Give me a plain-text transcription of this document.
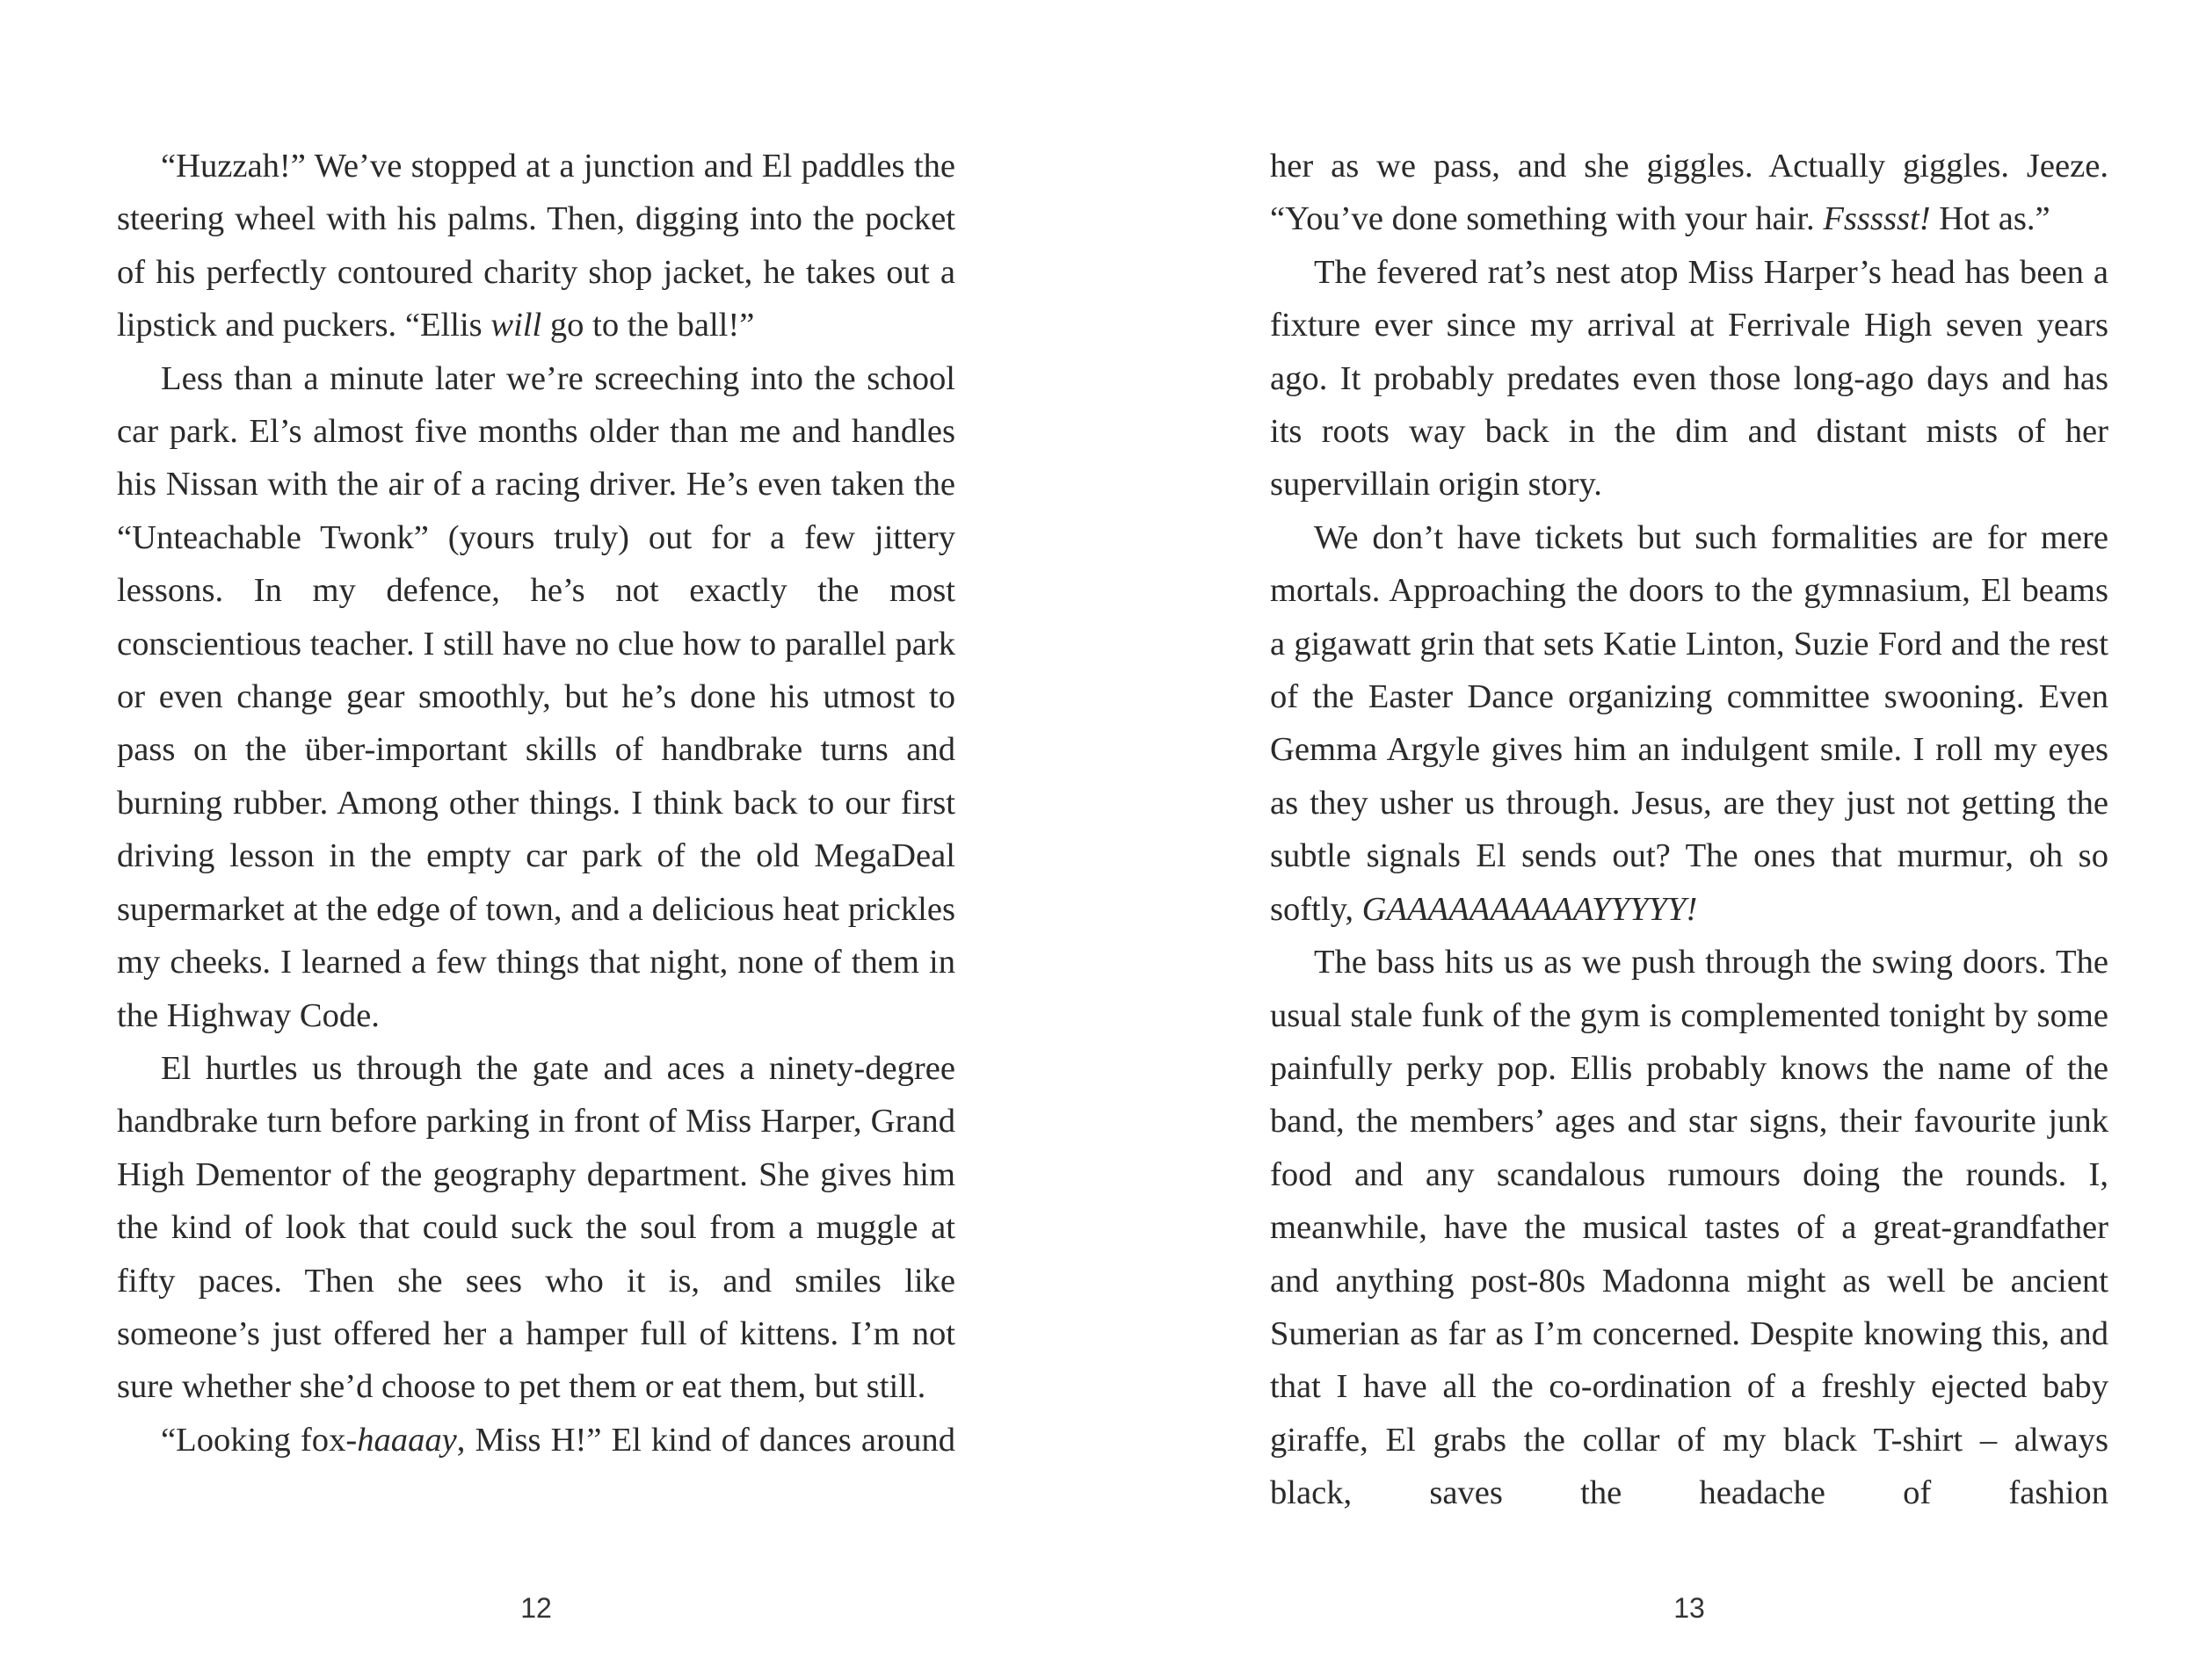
“Huzzah!” We’ve stopped at a junction and El paddles the steering wheel with his palms. Then, digging into the pocket of his perfectly contoured charity shop jacket, he takes out a lipstick and puckers. “Ellis will go to the ball!”

Less than a minute later we’re screeching into the school car park. El’s almost five months older than me and handles his Nissan with the air of a racing driver. He’s even taken the “Unteachable Twonk” (yours truly) out for a few jittery lessons. In my defence, he’s not exactly the most conscientious teacher. I still have no clue how to parallel park or even change gear smoothly, but he’s done his utmost to pass on the über-important skills of handbrake turns and burning rubber. Among other things. I think back to our first driving lesson in the empty car park of the old MegaDeal supermarket at the edge of town, and a delicious heat prickles my cheeks. I learned a few things that night, none of them in the Highway Code.

El hurtles us through the gate and aces a ninety-degree handbrake turn before parking in front of Miss Harper, Grand High Dementor of the geography department. She gives him the kind of look that could suck the soul from a muggle at fifty paces. Then she sees who it is, and smiles like someone’s just offered her a hamper full of kittens. I’m not sure whether she’d choose to pet them or eat them, but still.

“Looking fox-haaaay, Miss H!” El kind of dances around

12

her as we pass, and she giggles. Actually giggles. Jeeze. “You’ve done something with your hair. Fssssst! Hot as.”

The fevered rat’s nest atop Miss Harper’s head has been a fixture ever since my arrival at Ferrivale High seven years ago. It probably predates even those long-ago days and has its roots way back in the dim and distant mists of her supervillain origin story.

We don’t have tickets but such formalities are for mere mortals. Approaching the doors to the gymnasium, El beams a gigawatt grin that sets Katie Linton, Suzie Ford and the rest of the Easter Dance organizing committee swooning. Even Gemma Argyle gives him an indulgent smile. I roll my eyes as they usher us through. Jesus, are they just not getting the subtle signals El sends out? The ones that murmur, oh so softly, GAAAAAAAAAAYYYYY!

The bass hits us as we push through the swing doors. The usual stale funk of the gym is complemented tonight by some painfully perky pop. Ellis probably knows the name of the band, the members’ ages and star signs, their favourite junk food and any scandalous rumours doing the rounds. I, meanwhile, have the musical tastes of a great-grandfather and anything post-80s Madonna might as well be ancient Sumerian as far as I’m concerned. Despite knowing this, and that I have all the co-ordination of a freshly ejected baby giraffe, El grabs the collar of my black T-shirt – always black, saves the headache of fashion

13
